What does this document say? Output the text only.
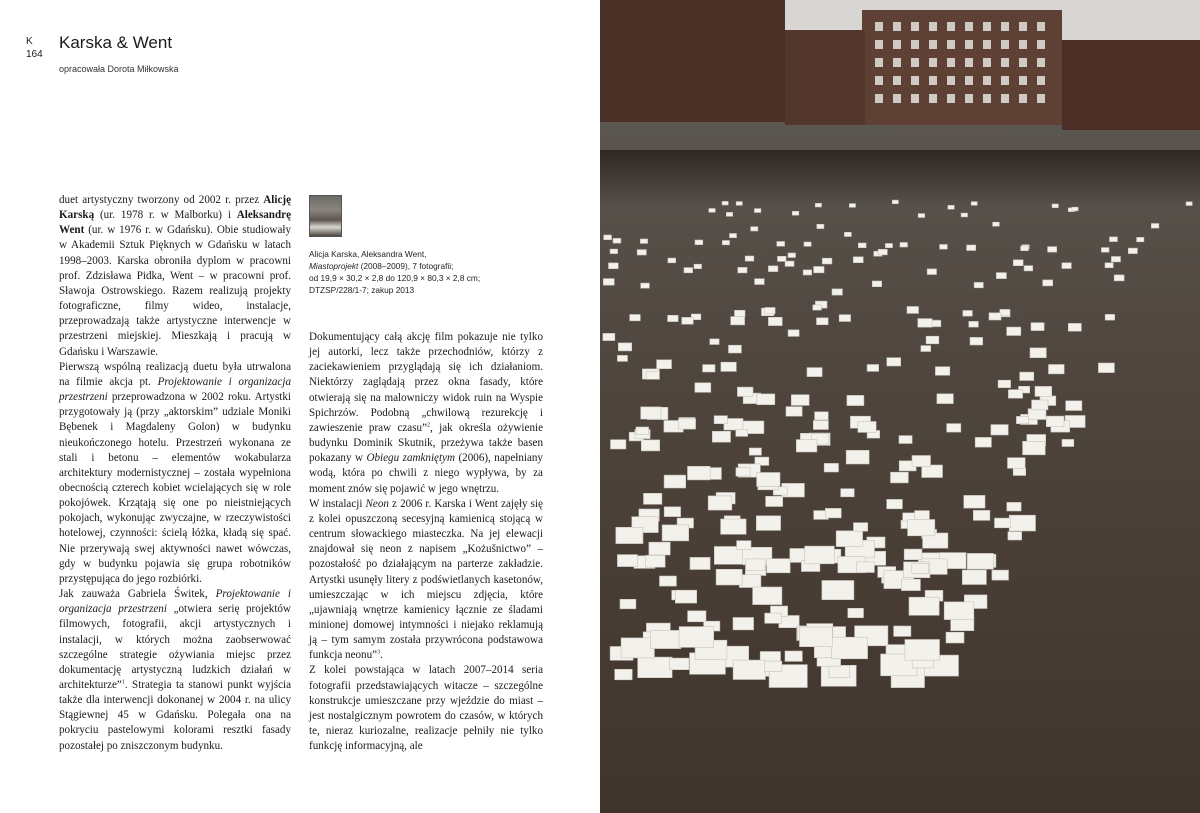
K
164
Karska & Went
opracowała Dorota Miłkowska
Alicja Karska, Aleksandra Went,
Miastoprojekt (2008–2009), 7 fotografii;
od 19,9 × 30,2 × 2,8 do 120,9 × 80,3 × 2,8 cm;
DTZSP/228/1-7; zakup 2013

duet artystyczny tworzony od 2002 r. przez Alicję Karską (ur. 1978 r. w Malborku) i Aleksandrę Went (ur. w 1976 r. w Gdańsku). Obie studiowały w Akademii Sztuk Pięknych w Gdańsku w latach 1998–2003. Karska obroniła dyplom w pracowni prof. Zdzisława Pidka, Went – w pracowni prof. Sławoja Ostrowskiego. Razem realizują projekty fotograficzne, filmy wideo, instalacje, przeprowadzają także artystyczne interwencje w przestrzeni miejskiej. Mieszkają i pracują w Gdańsku i Warszawie.

Pierwszą wspólną realizacją duetu była utrwalona na filmie akcja pt. Projektowanie i organizacja przestrzeni przeprowadzona w 2002 roku. Artystki przygotowały ją (przy „aktorskim” udziale Moniki Bębenek i Magdaleny Golon) w budynku nieukończonego hotelu. Przestrzeń wykonana ze stali i betonu – elementów wokabularza architektury modernistycznej – została wypełniona obecnością czterech kobiet wcielających się w role pokojówek. Krzątają się one po nieistniejących pokojach, wykonując zwyczajne, w rzeczywistości hotelowej, czynności: ścielą łóżka, kładą się spać. Nie przerywają swej aktywności nawet wówczas, gdy w budynku pojawia się grupa robotników przystępująca do jego rozbiórki.

Jak zauważa Gabriela Świtek, Projektowanie i organizacja przestrzeni „otwiera serię projektów filmowych, fotografii, akcji artystycznych i instalacji, w których można zaobserwować szczególne strategie ożywiania miejsc przez dokumentację artystyczną ludzkich działań w architekturze”$^1$. Strategia ta stanowi punkt wyjścia także dla interwencji dokonanej w 2004 r. na ulicy Stągiewnej 45 w Gdańsku. Polegała ona na pokryciu pastelowymi kolorami resztki fasady pozostałej po zniszczonym budynku.

Dokumentujący całą akcję film pokazuje nie tylko jej autorki, lecz także przechodniów, którzy z zaciekawieniem przyglądają się ich działaniom. Niektórzy zaglądają przez okna fasady, które otwierają się na malowniczy widok ruin na Wyspie Spichrzów. Podobną „chwilową rezurekcję i zawieszenie praw czasu”$^2$, jak określa ożywienie budynku Dominik Skutnik, przeżywa także basen pokazany w Obiegu zamkniętym (2006), napełniany wodą, która po chwili z niego wypływa, by za moment znów się pojawić w jego wnętrzu.

W instalacji Neon z 2006 r. Karska i Went zajęły się z kolei opuszczoną secesyjną kamienicą stojącą w centrum słowackiego miasteczka. Na jej elewacji znajdował się neon z napisem „Kożušnictwo” – pozostałość po działającym na parterze zakładzie. Artystki usunęły litery z podświetlanych kasetonów, umieszczając w ich miejscu zdjęcia, które „ujawniają wnętrze kamienicy łącznie ze śladami minionej domowej intymności i niejako reklamują ją – tym samym została przywrócona podstawowa funkcja neonu”$^3$.

Z kolei powstająca w latach 2007–2014 seria fotografii przedstawiających witacze – szczególne konstrukcje umieszczane przy wjeździe do miast – jest nostalgicznym powrotem do czasów, w których te, nieraz kuriozalne, realizacje pełniły nie tylko funkcję informacyjną, ale
